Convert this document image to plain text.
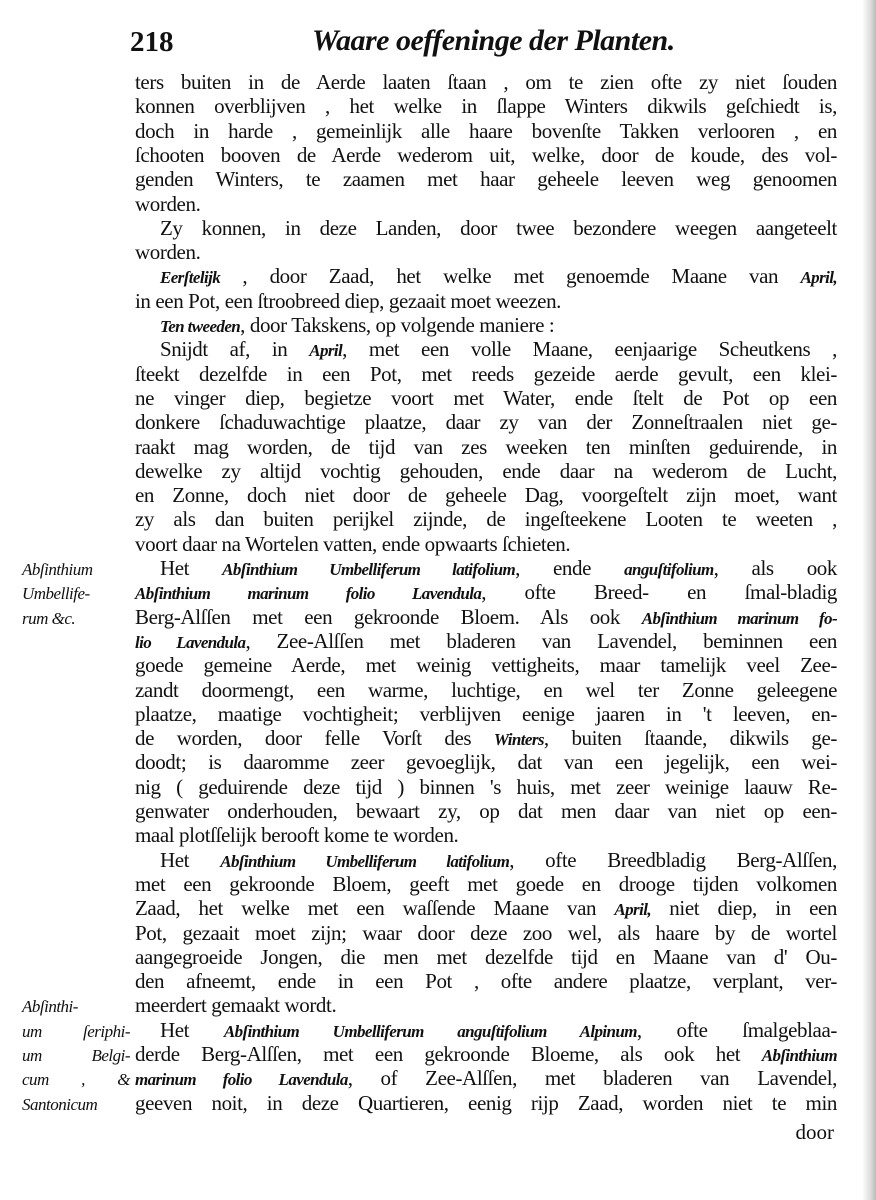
218	Waare oeffeninge der Planten.
ters buiten in de Aerde laaten ſtaan , om te zien ofte zy niet ſouden
konnen overblijven , het welke in ſlappe Winters dikwils geſchiedt is,
doch in harde , gemeinlijk alle haare bovenſte Takken verlooren , en
ſchooten booven de Aerde wederom uit, welke, door de koude, des vol-
genden Winters, te zaamen met haar geheele leeven weg genoomen
worden.
Zy konnen, in deze Landen, door twee bezondere weegen aangeteelt
worden.
Eerſtelijk , door Zaad, het welke met genoemde Maane van April,
in een Pot, een ſtroobreed diep, gezaait moet weezen.
Ten tweeden, door Takskens, op volgende maniere :
Snijdt af, in April, met een volle Maane, eenjaarige Scheutkens ,
ſteekt dezelfde in een Pot, met reeds gezeide aerde gevult, een klei-
ne vinger diep, begietze voort met Water, ende ſtelt de Pot op een
donkere ſchaduwachtige plaatze, daar zy van der Zonneſtraalen niet ge-
raakt mag worden, de tijd van zes weeken ten minſten geduirende, in
dewelke zy altijd vochtig gehouden, ende daar na wederom de Lucht,
en Zonne, doch niet door de geheele Dag, voorgeſtelt zijn moet, want
zy als dan buiten perijkel zijnde, de ingeſteekene Looten te weeten ,
voort daar na Wortelen vatten, ende opwaarts ſchieten.
Het Abſinthium Umbelliferum latifolium, ende anguſtifolium, als ook
Abſinthium marinum folio Lavendula, ofte Breed- en ſmal-bladig
Berg-Alſſen met een gekroonde Bloem. Als ook Abſinthium marinum fo-
lio Lavendula, Zee-Alſſen met bladeren van Lavendel, beminnen een
goede gemeine Aerde, met weinig vettigheits, maar tamelijk veel Zee-
zandt doormengt, een warme, luchtige, en wel ter Zonne geleegene
plaatze, maatige vochtigheit; verblijven eenige jaaren in 't leeven, en-
de worden, door felle Vorſt des Winters, buiten ſtaande, dikwils ge-
doodt; is daaromme zeer gevoeglijk, dat van een jegelijk, een wei-
nig ( geduirende deze tijd ) binnen 's huis, met zeer weinige laauw Re-
genwater onderhouden, bewaart zy, op dat men daar van niet op een-
maal plotſſelijk berooft kome te worden.
Het Abſinthium Umbelliferum latifolium, ofte Breedbladig Berg-Alſſen,
met een gekroonde Bloem, geeft met goede en drooge tijden volkomen
Zaad, het welke met een waſſende Maane van April, niet diep, in een
Pot, gezaait moet zijn; waar door deze zoo wel, als haare by de wortel
aangegroeide Jongen, die men met dezelfde tijd en Maane van d' Ou-
den afneemt, ende in een Pot , ofte andere plaatze, verplant, ver-
meerdert gemaakt wordt.
Het Abſinthium Umbelliferum anguſtifolium Alpinum, ofte ſmalgeblaa-
derde Berg-Alſſen, met een gekroonde Bloeme, als ook het Abſinthium
marinum folio Lavendula, of Zee-Alſſen, met bladeren van Lavendel,
geeven noit, in deze Quartieren, eenig rijp Zaad, worden niet te min
Abſinthium
Umbellife-
rum &c.
Abſinthi-
um ſeriphi-
um Belgi-
cum , &
Santonicum
door
